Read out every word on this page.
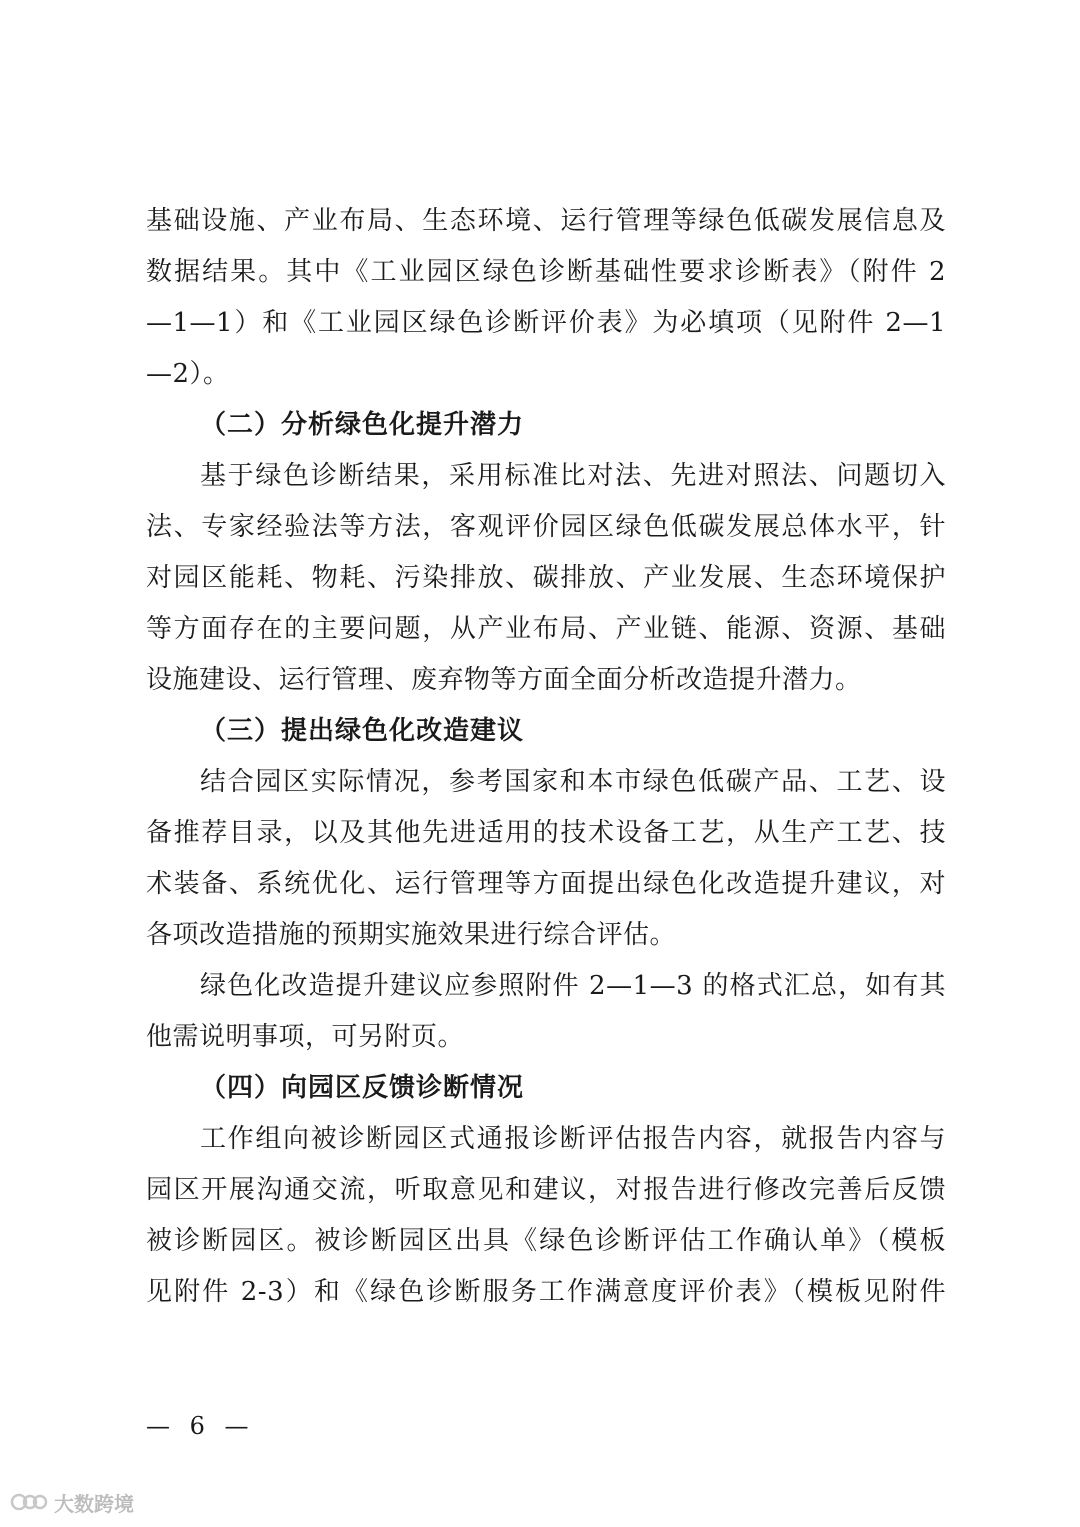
基础设施、产业布局、生态环境、运行管理等绿色低碳发展信息及
数据结果。其中《工业园区绿色诊断基础性要求诊断表》（附件 2
—1—1）和《工业园区绿色诊断评价表》为必填项（见附件 2—1
—2）。
（二）分析绿色化提升潜力
基于绿色诊断结果，采用标准比对法、先进对照法、问题切入
法、专家经验法等方法，客观评价园区绿色低碳发展总体水平，针
对园区能耗、物耗、污染排放、碳排放、产业发展、生态环境保护
等方面存在的主要问题，从产业布局、产业链、能源、资源、基础
设施建设、运行管理、废弃物等方面全面分析改造提升潜力。
（三）提出绿色化改造建议
结合园区实际情况，参考国家和本市绿色低碳产品、工艺、设
备推荐目录，以及其他先进适用的技术设备工艺，从生产工艺、技
术装备、系统优化、运行管理等方面提出绿色化改造提升建议，对
各项改造措施的预期实施效果进行综合评估。
绿色化改造提升建议应参照附件 2—1—3 的格式汇总，如有其
他需说明事项，可另附页。
（四）向园区反馈诊断情况
工作组向被诊断园区式通报诊断评估报告内容，就报告内容与
园区开展沟通交流，听取意见和建议，对报告进行修改完善后反馈
被诊断园区。被诊断园区出具《绿色诊断评估工作确认单》（模板
见附件 2-3）和《绿色诊断服务工作满意度评价表》（模板见附件
— 6 —
大数跨境
